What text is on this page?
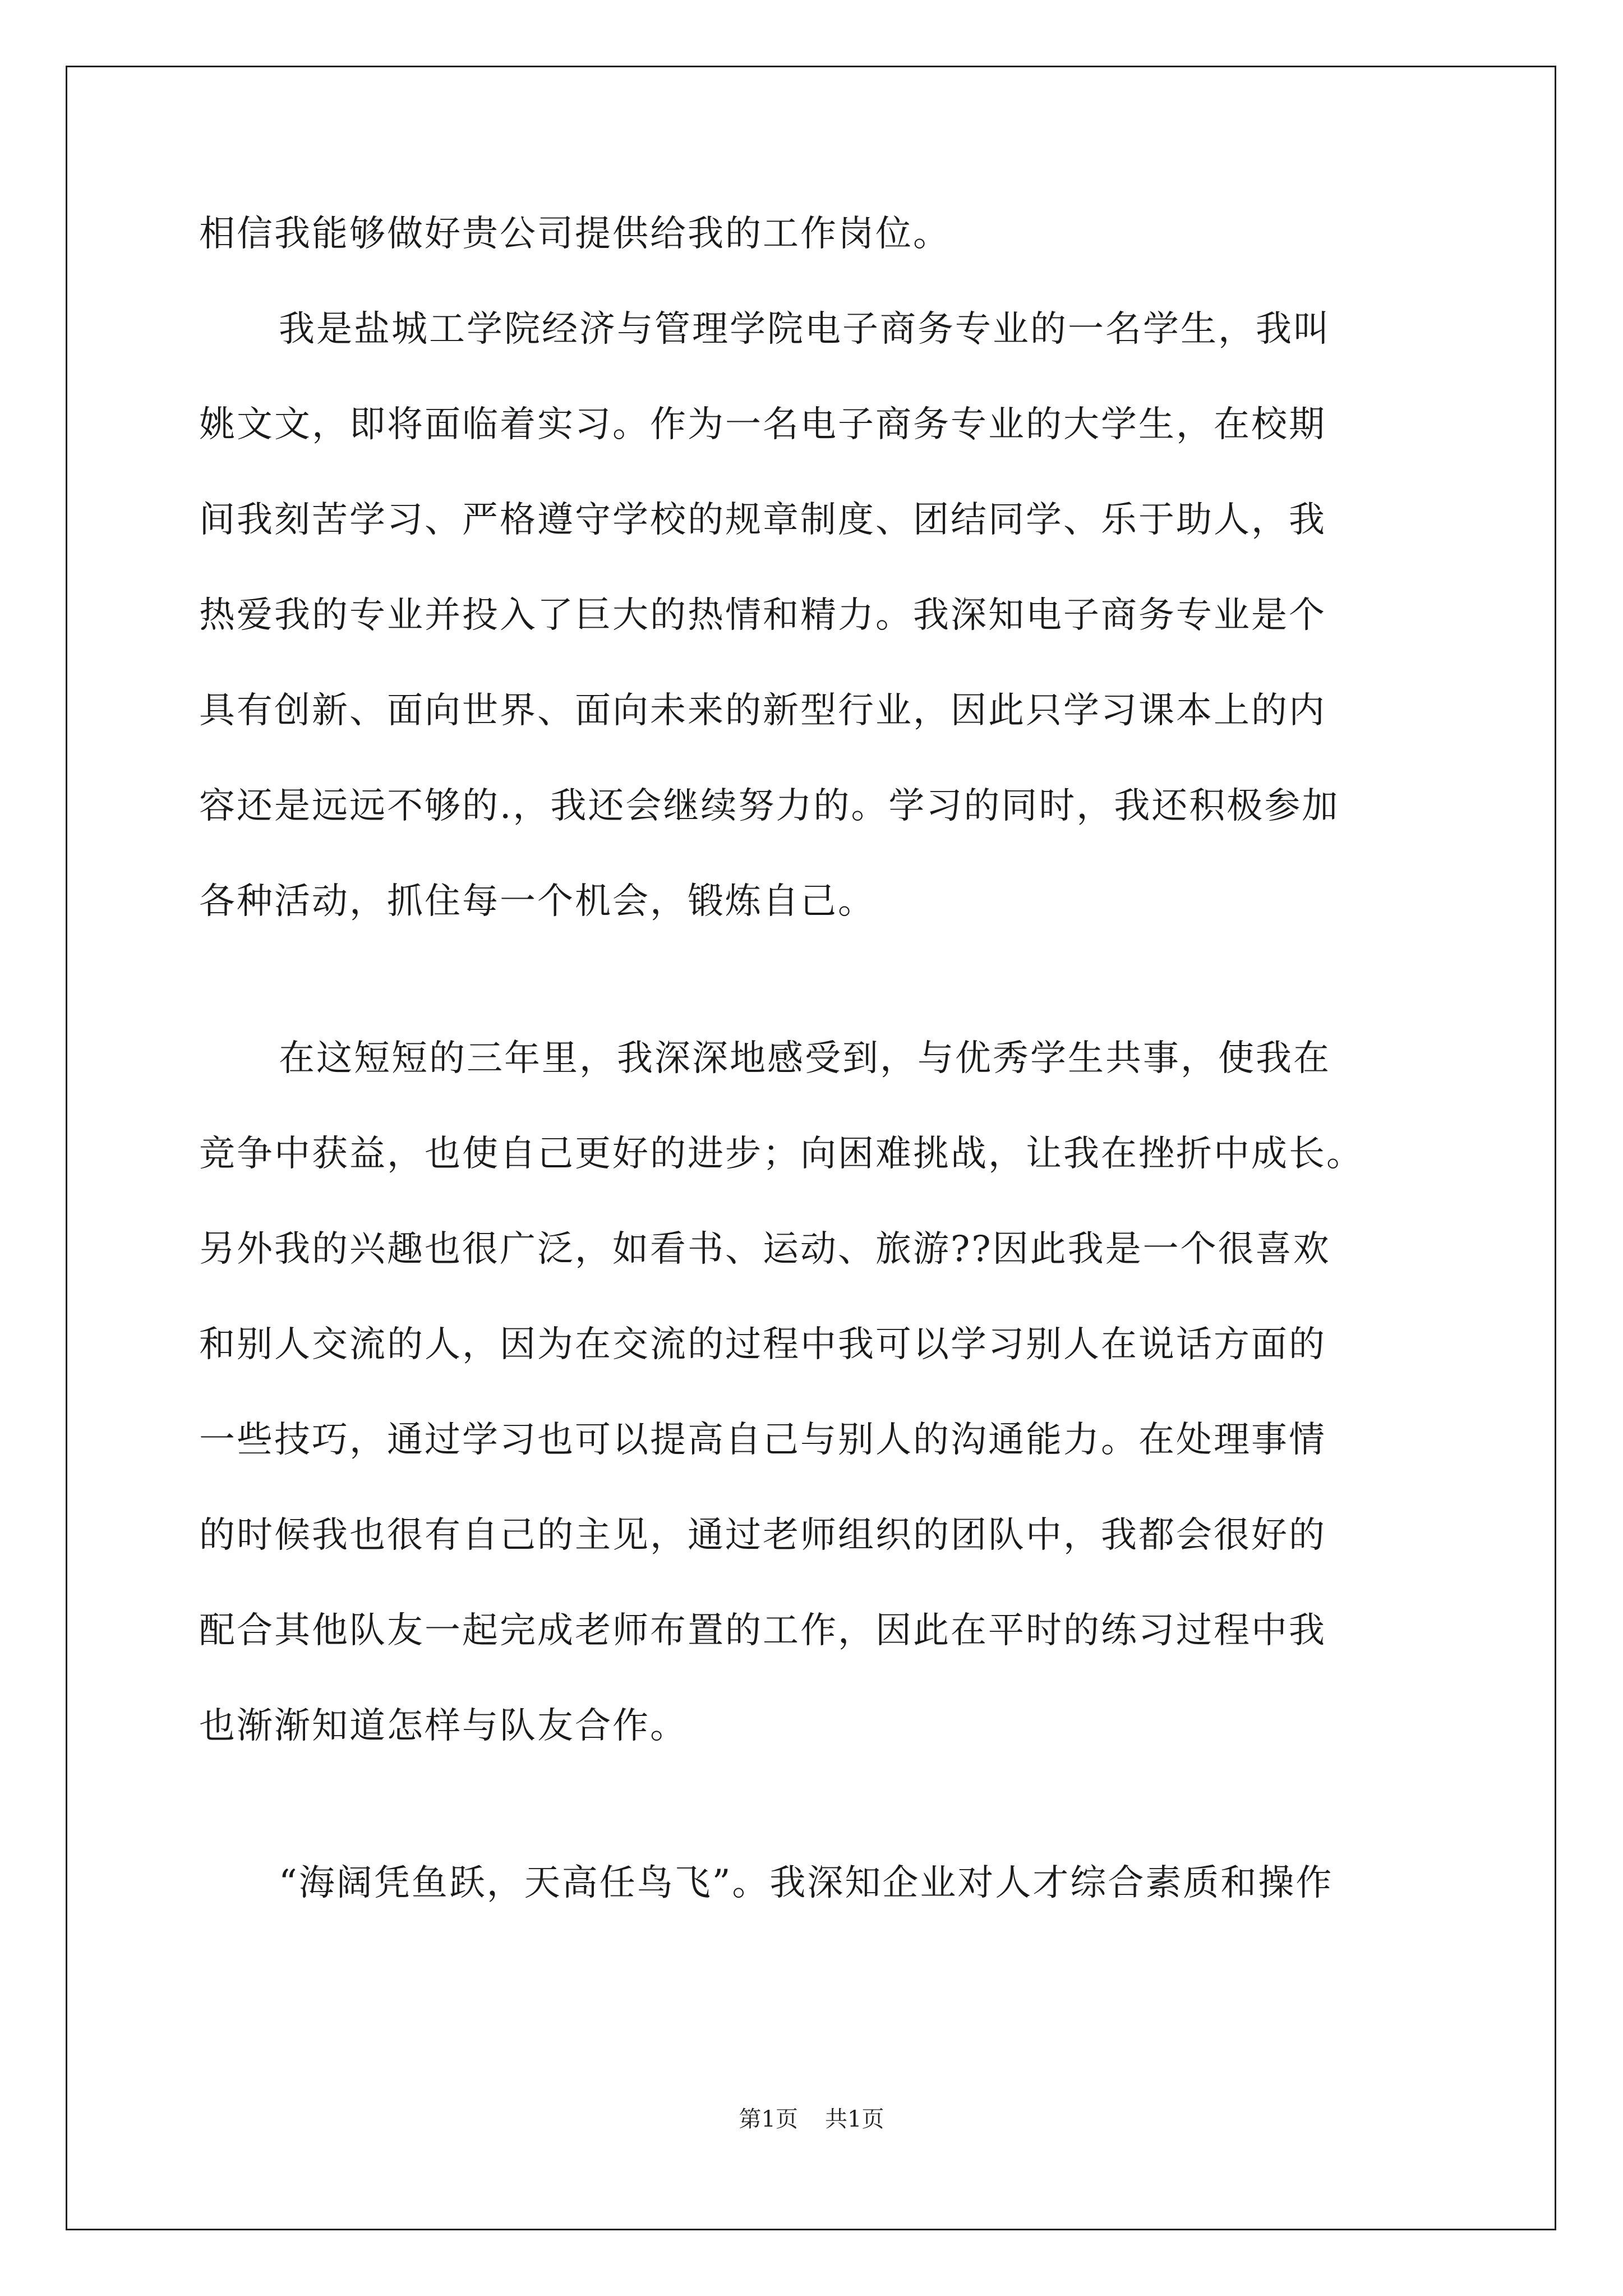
相信我能够做好贵公司提供给我的工作岗位。
我是盐城工学院经济与管理学院电子商务专业的一名学生，我叫
姚文文，即将面临着实习。作为一名电子商务专业的大学生，在校期
间我刻苦学习、严格遵守学校的规章制度、团结同学、乐于助人，我
热爱我的专业并投入了巨大的热情和精力。我深知电子商务专业是个
具有创新、面向世界、面向未来的新型行业，因此只学习课本上的内
容还是远远不够的.，我还会继续努力的。学习的同时，我还积极参加
各种活动，抓住每一个机会，锻炼自己。
在这短短的三年里，我深深地感受到，与优秀学生共事，使我在
竞争中获益，也使自己更好的进步；向困难挑战，让我在挫折中成长。
另外我的兴趣也很广泛，如看书、运动、旅游??因此我是一个很喜欢
和别人交流的人，因为在交流的过程中我可以学习别人在说话方面的
一些技巧，通过学习也可以提高自己与别人的沟通能力。在处理事情
的时候我也很有自己的主见，通过老师组织的团队中，我都会很好的
配合其他队友一起完成老师布置的工作，因此在平时的练习过程中我
也渐渐知道怎样与队友合作。
“海阔凭鱼跃，天高任鸟飞”。我深知企业对人才综合素质和操作
第1页 共1页
